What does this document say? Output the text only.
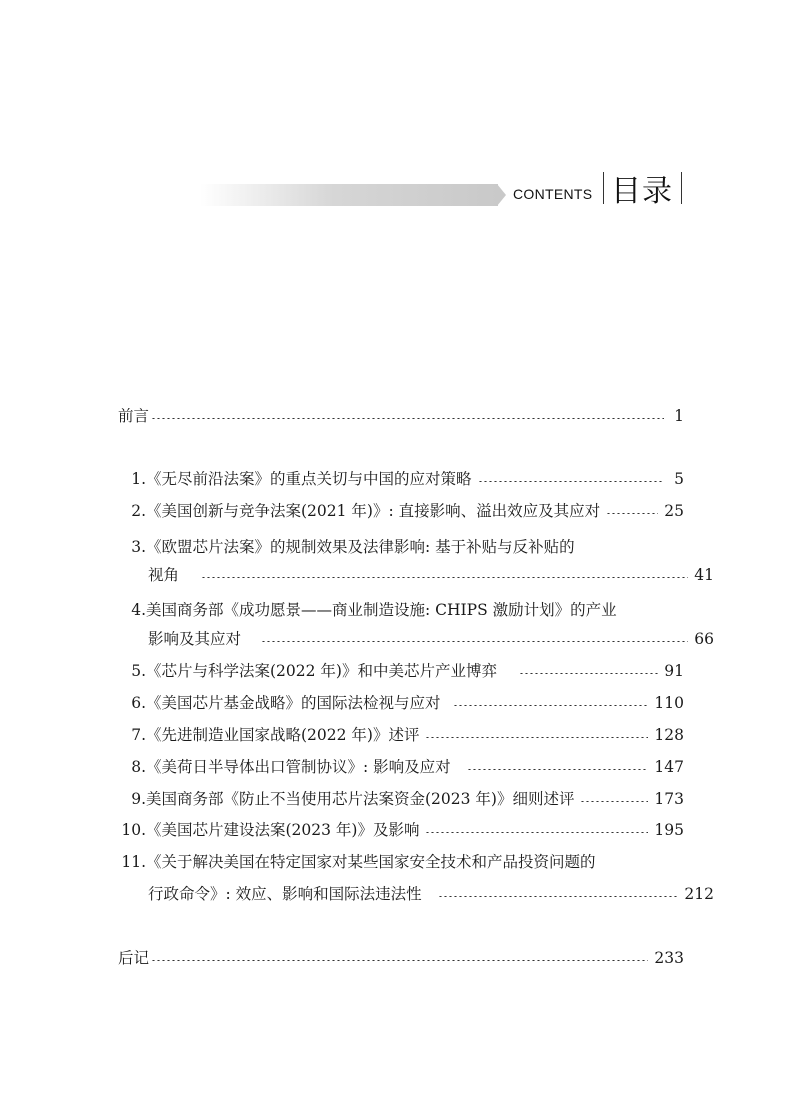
CONTENTS 目录
前言	1
1. 《无尽前沿法案》的重点关切与中国的应对策略	5
2. 《美国创新与竞争法案(2021 年)》: 直接影响、溢出效应及其应对	25
3. 《欧盟芯片法案》的规制效果及法律影响: 基于补贴与反补贴的
视角	41
4. 美国商务部《成功愿景——商业制造设施: CHIPS 激励计划》的产业
影响及其应对	66
5. 《芯片与科学法案(2022 年)》和中美芯片产业博弈	91
6. 《美国芯片基金战略》的国际法检视与应对	110
7. 《先进制造业国家战略(2022 年)》述评	128
8. 《美荷日半导体出口管制协议》: 影响及应对	147
9. 美国商务部《防止不当使用芯片法案资金(2023 年)》细则述评	173
10. 《美国芯片建设法案(2023 年)》及影响	195
11. 《关于解决美国在特定国家对某些国家安全技术和产品投资问题的
行政命令》: 效应、影响和国际法违法性	212
后记	233
